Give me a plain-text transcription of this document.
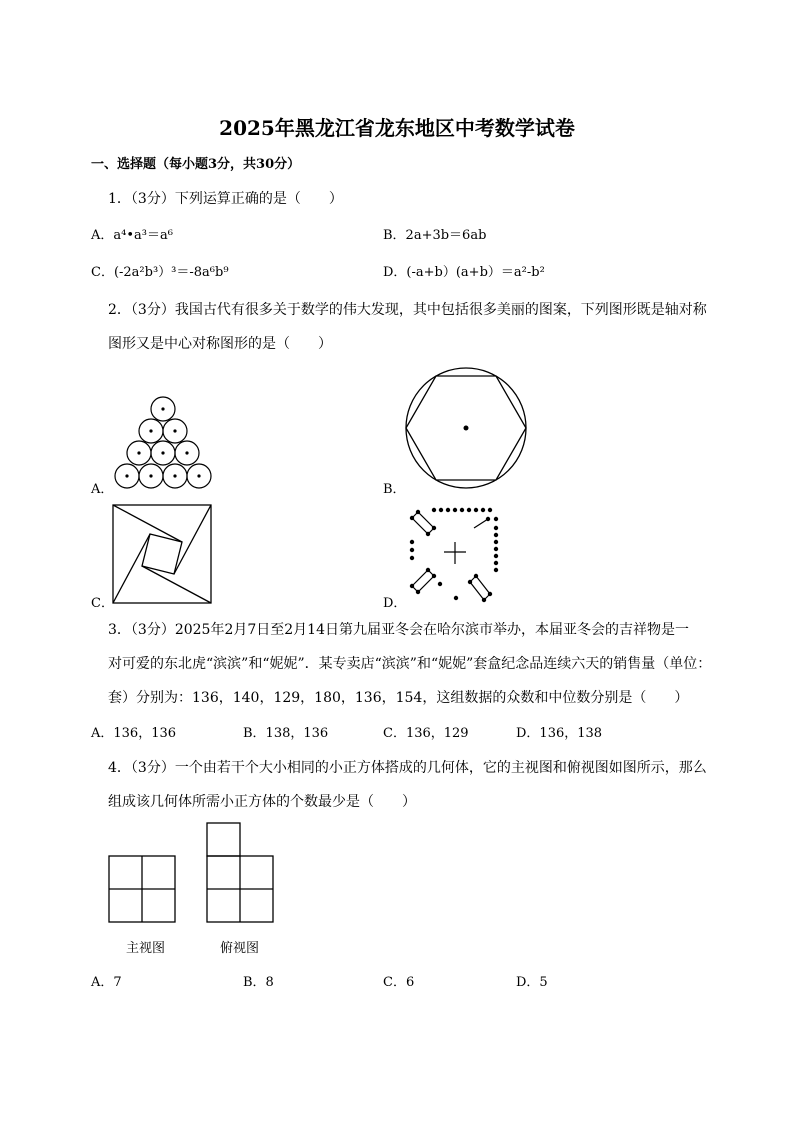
2025年黑龙江省龙东地区中考数学试卷
一、选择题（每小题3分，共30分）
1．（3分）下列运算正确的是（　　）
A．a⁴•a³＝a⁶	B．2a+3b＝6ab
C．(-2a²b³）³＝-8a⁶b⁹	D．(-a+b）(a+b）＝a²-b²
2．（3分）我国古代有很多关于数学的伟大发现，其中包括很多美丽的图案，下列图形既是轴对称
图形又是中心对称图形的是（　　）
A．	B．
C．	D．
3．（3分）2025年2月7日至2月14日第九届亚冬会在哈尔滨市举办，本届亚冬会的吉祥物是一
对可爱的东北虎“滨滨”和“妮妮”．某专卖店“滨滨”和“妮妮”套盒纪念品连续六天的销售量（单位：
套）分别为：136，140，129，180，136，154，这组数据的众数和中位数分别是（　　）
A．136，136	B．138，136	C．136，129	D．136，138
4．（3分）一个由若干个大小相同的小正方体搭成的几何体，它的主视图和俯视图如图所示，那么
组成该几何体所需小正方体的个数最少是（　　）
主视图	俯视图
A．7	B．8	C．6	D．5
